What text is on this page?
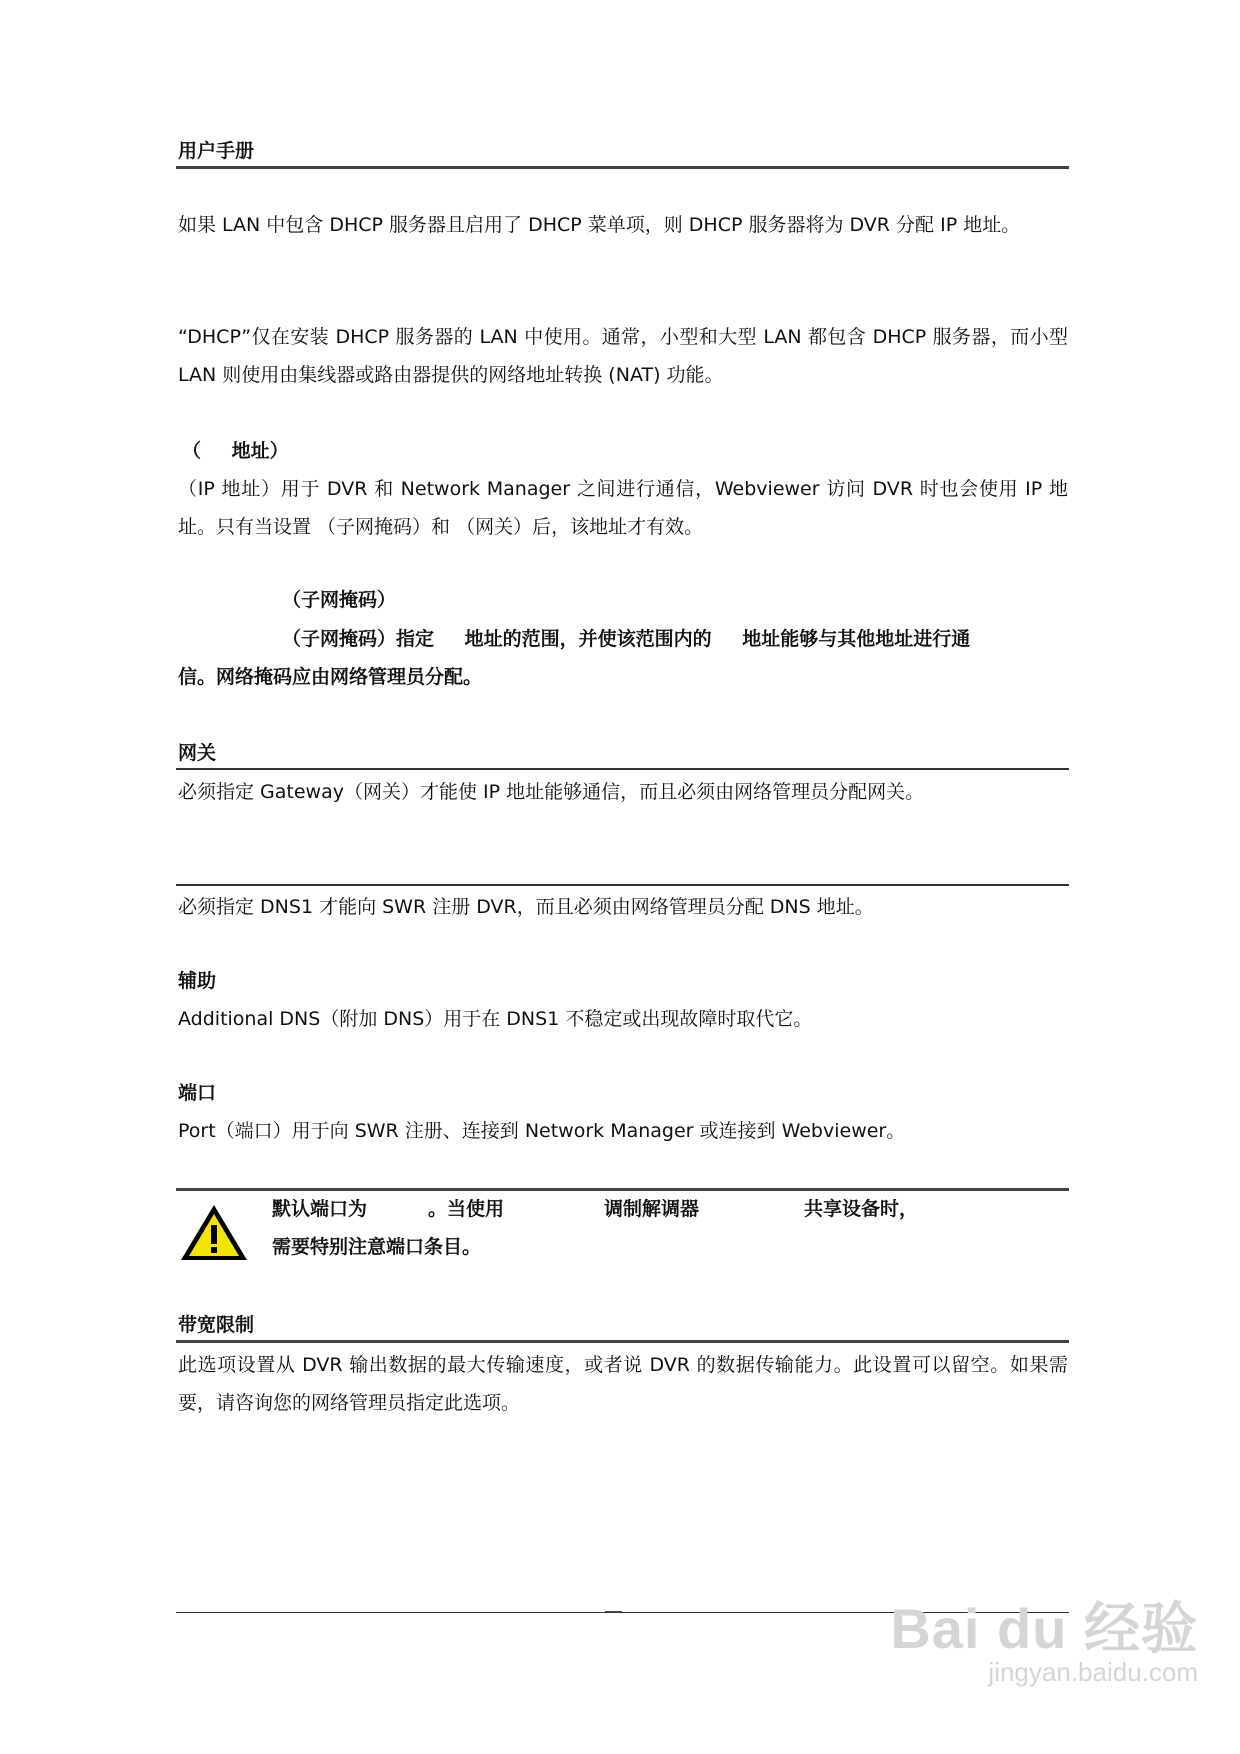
用户手册
如果 LAN 中包含 DHCP 服务器且启用了 DHCP 菜单项，则 DHCP 服务器将为 DVR 分配 IP 地址。
“DHCP”仅在安装 DHCP 服务器的 LAN 中使用。通常，小型和大型 LAN 都包含 DHCP 服务器，而小型 LAN 则使用由集线器或路由器提供的网络地址转换 (NAT) 功能。
（ 地址）
（IP 地址）用于 DVR 和 Network Manager 之间进行通信，Webviewer 访问 DVR 时也会使用 IP 地址。只有当设置 （子网掩码）和 （网关）后，该地址才有效。
（子网掩码）
（子网掩码）指定 地址的范围，并使该范围内的 地址能够与其他地址进行通
信。网络掩码应由网络管理员分配。
网关
必须指定 Gateway（网关）才能使 IP 地址能够通信，而且必须由网络管理员分配网关。
必须指定 DNS1 才能向 SWR 注册 DVR，而且必须由网络管理员分配 DNS 地址。
辅助
Additional DNS（附加 DNS）用于在 DNS1 不稳定或出现故障时取代它。
端口
Port（端口）用于向 SWR 注册、连接到 Network Manager 或连接到 Webviewer。
默认端口为	。当使用	调制解调器	共享设备时，
需要特别注意端口条目。
带宽限制
此选项设置从 DVR 输出数据的最大传输速度，或者说 DVR 的数据传输能力。此设置可以留空。如果需要，请咨询您的网络管理员指定此选项。
—	Bai du 经验
jingyan.baidu.com
